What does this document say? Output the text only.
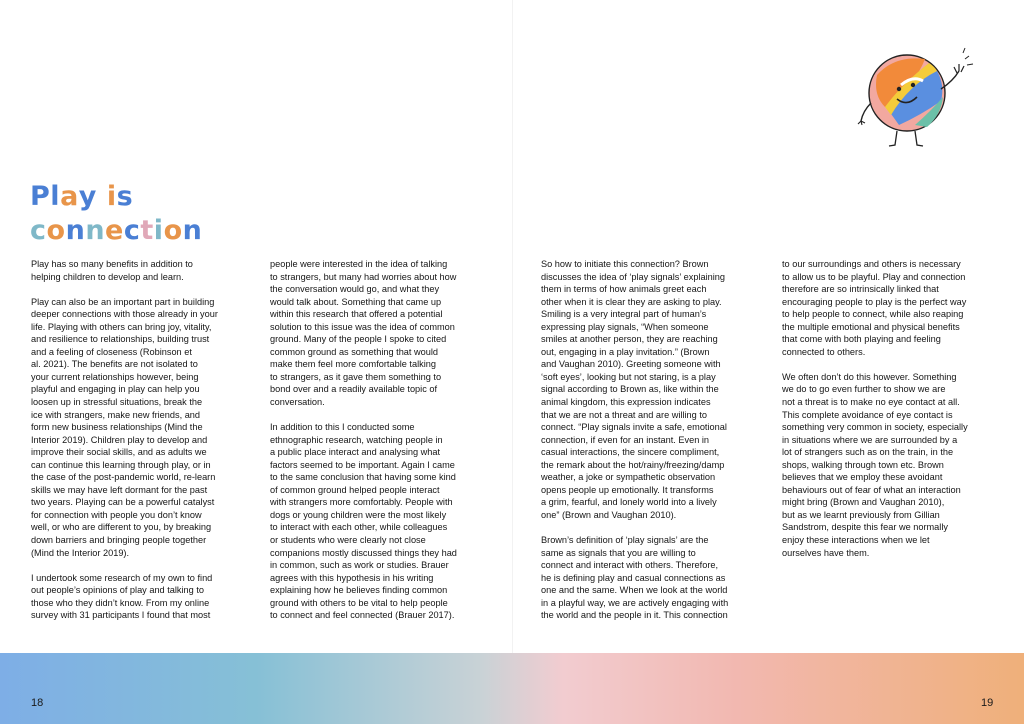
Play is
connection

Play has so many benefits in addition to
helping children to develop and learn.

Play can also be an important part in building
deeper connections with those already in your
life. Playing with others can bring joy, vitality,
and resilience to relationships, building trust
and a feeling of closeness (Robinson et
al. 2021). The benefits are not isolated to
your current relationships however, being
playful and engaging in play can help you
loosen up in stressful situations, break the
ice with strangers, make new friends, and
form new business relationships (Mind the
Interior 2019). Children play to develop and
improve their social skills, and as adults we
can continue this learning through play, or in
the case of the post-pandemic world, re-learn
skills we may have left dormant for the past
two years. Playing can be a powerful catalyst
for connection with people you don’t know
well, or who are different to you, by breaking
down barriers and bringing people together
(Mind the Interior 2019).

I undertook some research of my own to find
out people’s opinions of play and talking to
those who they didn’t know. From my online
survey with 31 participants I found that most

people were interested in the idea of talking
to strangers, but many had worries about how
the conversation would go, and what they
would talk about. Something that came up
within this research that offered a potential
solution to this issue was the idea of common
ground. Many of the people I spoke to cited
common ground as something that would
make them feel more comfortable talking
to strangers, as it gave them something to
bond over and a readily available topic of
conversation.

In addition to this I conducted some
ethnographic research, watching people in
a public place interact and analysing what
factors seemed to be important. Again I came
to the same conclusion that having some kind
of common ground helped people interact
with strangers more comfortably. People with
dogs or young children were the most likely
to interact with each other, while colleagues
or students who were clearly not close
companions mostly discussed things they had
in common, such as work or studies. Brauer
agrees with this hypothesis in his writing
explaining how he believes finding common
ground with others to be vital to help people
to connect and feel connected (Brauer 2017).

So how to initiate this connection? Brown
discusses the idea of ‘play signals’ explaining
them in terms of how animals greet each
other when it is clear they are asking to play.
Smiling is a very integral part of human’s
expressing play signals, “When someone
smiles at another person, they are reaching
out, engaging in a play invitation.” (Brown
and Vaughan 2010). Greeting someone with
‘soft eyes’, looking but not staring, is a play
signal according to Brown as, like within the
animal kingdom, this expression indicates
that we are not a threat and are willing to
connect. “Play signals invite a safe, emotional
connection, if even for an instant. Even in
casual interactions, the sincere compliment,
the remark about the hot/rainy/freezing/damp
weather, a joke or sympathetic observation
opens people up emotionally. It transforms
a grim, fearful, and lonely world into a lively
one” (Brown and Vaughan 2010).

Brown’s definition of ‘play signals’ are the
same as signals that you are willing to
connect and interact with others. Therefore,
he is defining play and casual connections as
one and the same. When we look at the world
in a playful way, we are actively engaging with
the world and the people in it. This connection

to our surroundings and others is necessary
to allow us to be playful. Play and connection
therefore are so intrinsically linked that
encouraging people to play is the perfect way
to help people to connect, while also reaping
the multiple emotional and physical benefits
that come with both playing and feeling
connected to others.

We often don’t do this however. Something
we do to go even further to show we are
not a threat is to make no eye contact at all.
This complete avoidance of eye contact is
something very common in society, especially
in situations where we are surrounded by a
lot of strangers such as on the train, in the
shops, walking through town etc. Brown
believes that we employ these avoidant
behaviours out of fear of what an interaction
might bring (Brown and Vaughan 2010),
but as we learnt previously from Gillian
Sandstrom, despite this fear we normally
enjoy these interactions when we let
ourselves have them.

18	19
